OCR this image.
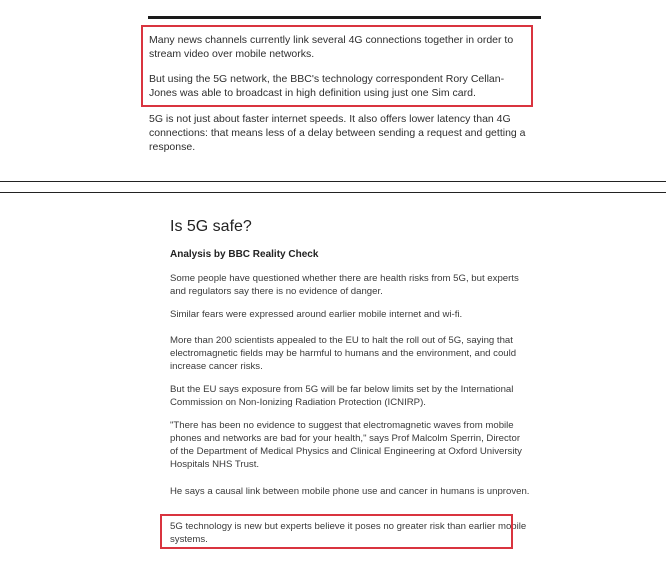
Many news channels currently link several 4G connections together in order to stream video over mobile networks.

But using the 5G network, the BBC's technology correspondent Rory Cellan-Jones was able to broadcast in high definition using just one Sim card.

5G is not just about faster internet speeds. It also offers lower latency than 4G connections: that means less of a delay between sending a request and getting a response.

Is 5G safe?

Analysis by BBC Reality Check

Some people have questioned whether there are health risks from 5G, but experts and regulators say there is no evidence of danger.

Similar fears were expressed around earlier mobile internet and wi-fi.

More than 200 scientists appealed to the EU to halt the roll out of 5G, saying that electromagnetic fields may be harmful to humans and the environment, and could increase cancer risks.

But the EU says exposure from 5G will be far below limits set by the International Commission on Non-Ionizing Radiation Protection (ICNIRP).

"There has been no evidence to suggest that electromagnetic waves from mobile phones and networks are bad for your health," says Prof Malcolm Sperrin, Director of the Department of Medical Physics and Clinical Engineering at Oxford University Hospitals NHS Trust.

He says a causal link between mobile phone use and cancer in humans is unproven.

5G technology is new but experts believe it poses no greater risk than earlier mobile systems.
